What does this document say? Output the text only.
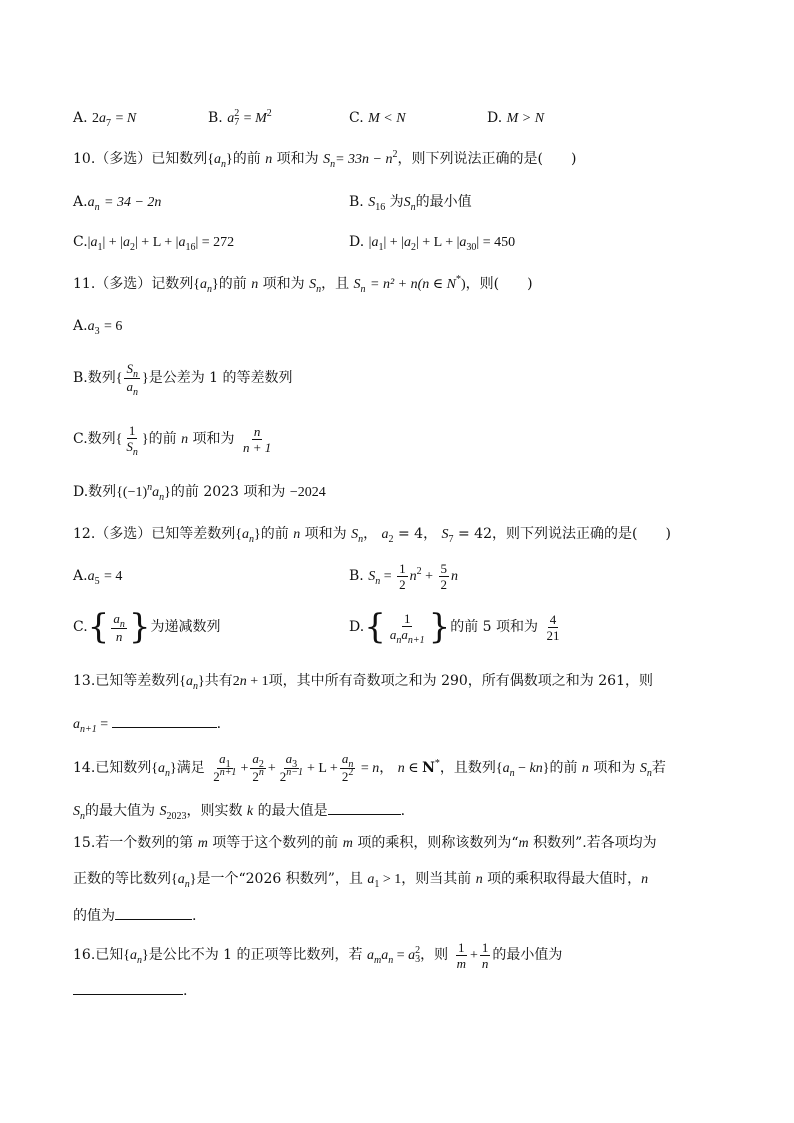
A. $2a_7 = N$	B. a 2
$7 = M^2$	C. M < N	D. M > N
10.（多选）已知数列$\{a_n\}$的前 n 项和为 $S_n= 33n - n^2$，则下列说法正确的是(　　)
$A.a_n = 34 - 2n$	B. $S_{16}$ 为$S_n$的最小值
$C.|a_1| + |a_2| + L + |a_{16}| = 272$	D. $|a_1| + |a_2| + L + |a_{30}| = 450$
11.（多选）记数列$\{a_n\}$的前 n 项和为 $S_n$，且 $S_n = n^2 + n(n$ ∈ N*)，则(　　)
$A.a_3 = 6$
B.数列{ $\frac{S_n}{a_n}$ }是公差为 1 的等差数列
C.数列{ $\frac{1}{S_n}$ }的前 n 项和为 $\frac{n}{n + 1}$
D.数列$\{(-1)^na_n\}$的前 2023 项和为 −2024
12.（多选）已知等差数列$\{a_n\}$的前 n 项和为 $S_n$， $a_2 = 4$， $S_7 = 42$，则下列说法正确的是(　　)
$A.a_5 = 4$	B. $S_n = \frac{1}{2} n^2 + \frac{5}{2}$ n
$C.\{ \frac{a_n}{n}$ }为递减数列	$D.\{ \frac{1}{a_na_{n+1}}$ }的前 5 项和为 $\frac{4}{21}$
13.已知等差数列$\{a_n\}$共有2n + 1项，其中所有奇数项之和为 290，所有偶数项之和为 261，则
$a_{n+1}$ =	.
14.已知数列$\{a_n\}$满足 $\frac{a_1}{2^{n+1}} + \frac{a_2}{2^n} + \frac{a_3}{2^{n-1}} + L + \frac{a_n}{2^2} = n$， n ∈ N*，且数列$\{a_n - kn\}$的前 n 项和为 $S_n$若
$S_n$的最大值为 $S_{2023}$，则实数 k 的最大值是	.
15.若一个数列的第 m 项等于这个数列的前 m 项的乘积，则称该数列为“m 积数列”.若各项均为
正数的等比数列$\{a_n\}$是一个“2026 积数列”，且 $a_1 > 1$，则当其前 n 项的乘积取得最大值时，n
的值为	.
16.已知$\{a_n\}$是公比不为 1 的正项等比数列，若 $a_ma_n = a$ 2
3 ，则 $\frac{1}{m} + \frac{1}{n}$ 的最小值为
.
